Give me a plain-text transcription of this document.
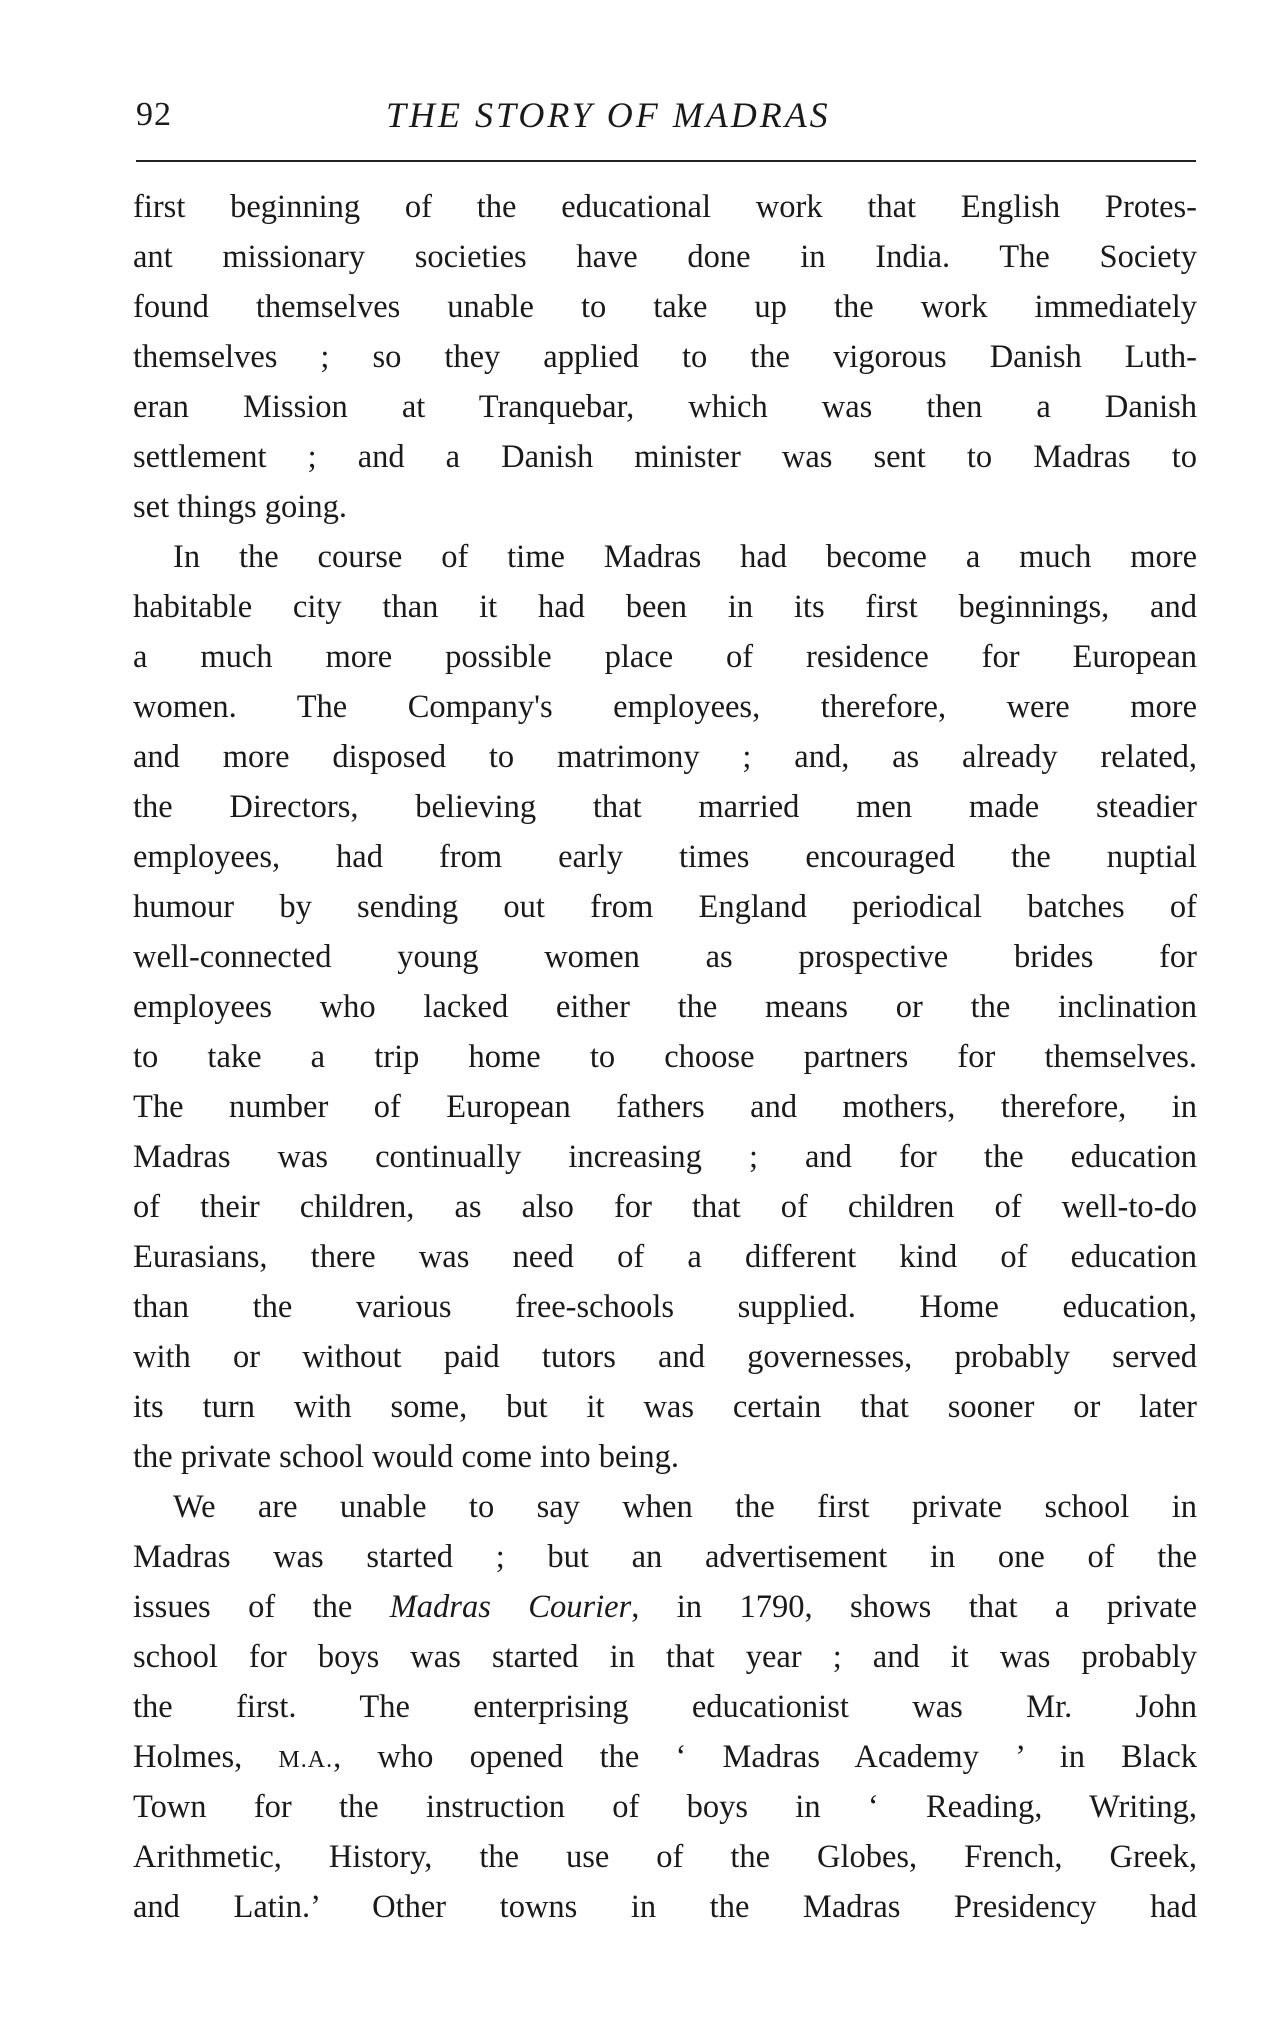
92	THE STORY OF MADRAS
first beginning of the educational work that English Protes-
ant missionary societies have done in India. The Society
found themselves unable to take up the work immediately
themselves ; so they applied to the vigorous Danish Luth-
eran Mission at Tranquebar, which was then a Danish
settlement ; and a Danish minister was sent to Madras to
set things going.
In the course of time Madras had become a much more
habitable city than it had been in its first beginnings, and
a much more possible place of residence for European
women. The Company's employees, therefore, were more
and more disposed to matrimony ; and, as already related,
the Directors, believing that married men made steadier
employees, had from early times encouraged the nuptial
humour by sending out from England periodical batches of
well-connected young women as prospective brides for
employees who lacked either the means or the inclination
to take a trip home to choose partners for themselves.
The number of European fathers and mothers, therefore, in
Madras was continually increasing ; and for the education
of their children, as also for that of children of well-to-do
Eurasians, there was need of a different kind of education
than the various free-schools supplied. Home education,
with or without paid tutors and governesses, probably served
its turn with some, but it was certain that sooner or later
the private school would come into being.
We are unable to say when the first private school in
Madras was started ; but an advertisement in one of the
issues of the Madras Courier, in 1790, shows that a private
school for boys was started in that year ; and it was probably
the first. The enterprising educationist was Mr. John
Holmes, M.A., who opened the ‘ Madras Academy ’ in Black
Town for the instruction of boys in ‘ Reading, Writing,
Arithmetic, History, the use of the Globes, French, Greek,
and Latin.’ Other towns in the Madras Presidency had
